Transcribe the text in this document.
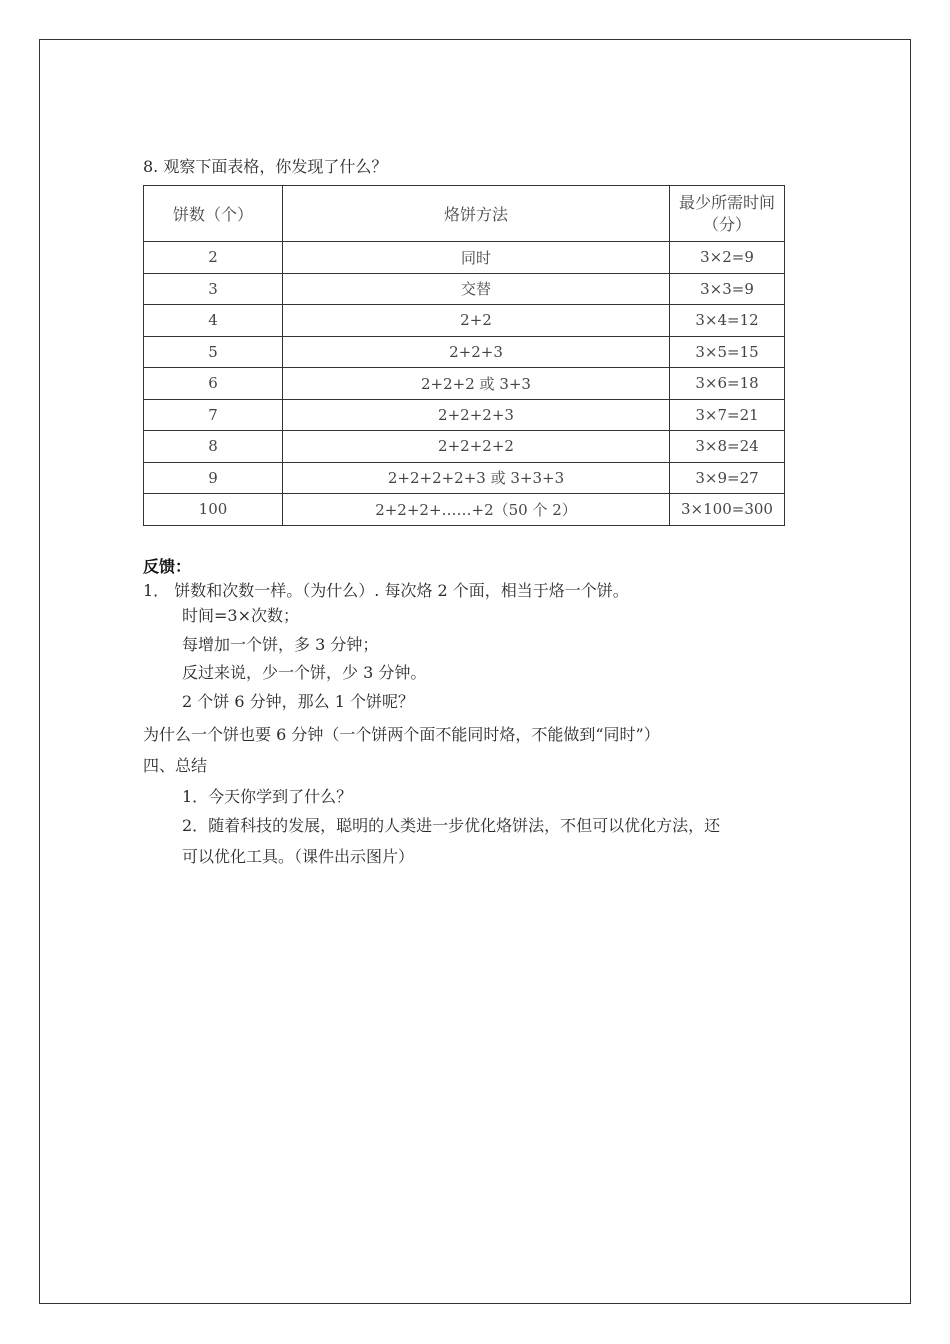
8. 观察下面表格，你发现了什么？
饼数（个）	烙饼方法	最少所需时间
（分）

2	同时	3×2=9
3	交替	3×3=9
4	2+2	3×4=12
5	2+2+3	3×5=15
6	2+2+2 或 3+3	3×6=18
7	2+2+2+3	3×7=21
8	2+2+2+2	3×8=24
9	2+2+2+2+3 或 3+3+3	3×9=27
100	2+2+2+……+2（50 个 2）	3×100=300
反馈：
1． 饼数和次数一样。（为什么）. 每次烙 2 个面，相当于烙一个饼。
时间=3×次数；
每增加一个饼，多 3 分钟；
反过来说，少一个饼，少 3 分钟。
2 个饼 6 分钟，那么 1 个饼呢？
为什么一个饼也要 6 分钟（一个饼两个面不能同时烙，不能做到“同时”）
四、总结
1．今天你学到了什么？
2．随着科技的发展，聪明的人类进一步优化烙饼法，不但可以优化方法，还
可以优化工具。（课件出示图片）
